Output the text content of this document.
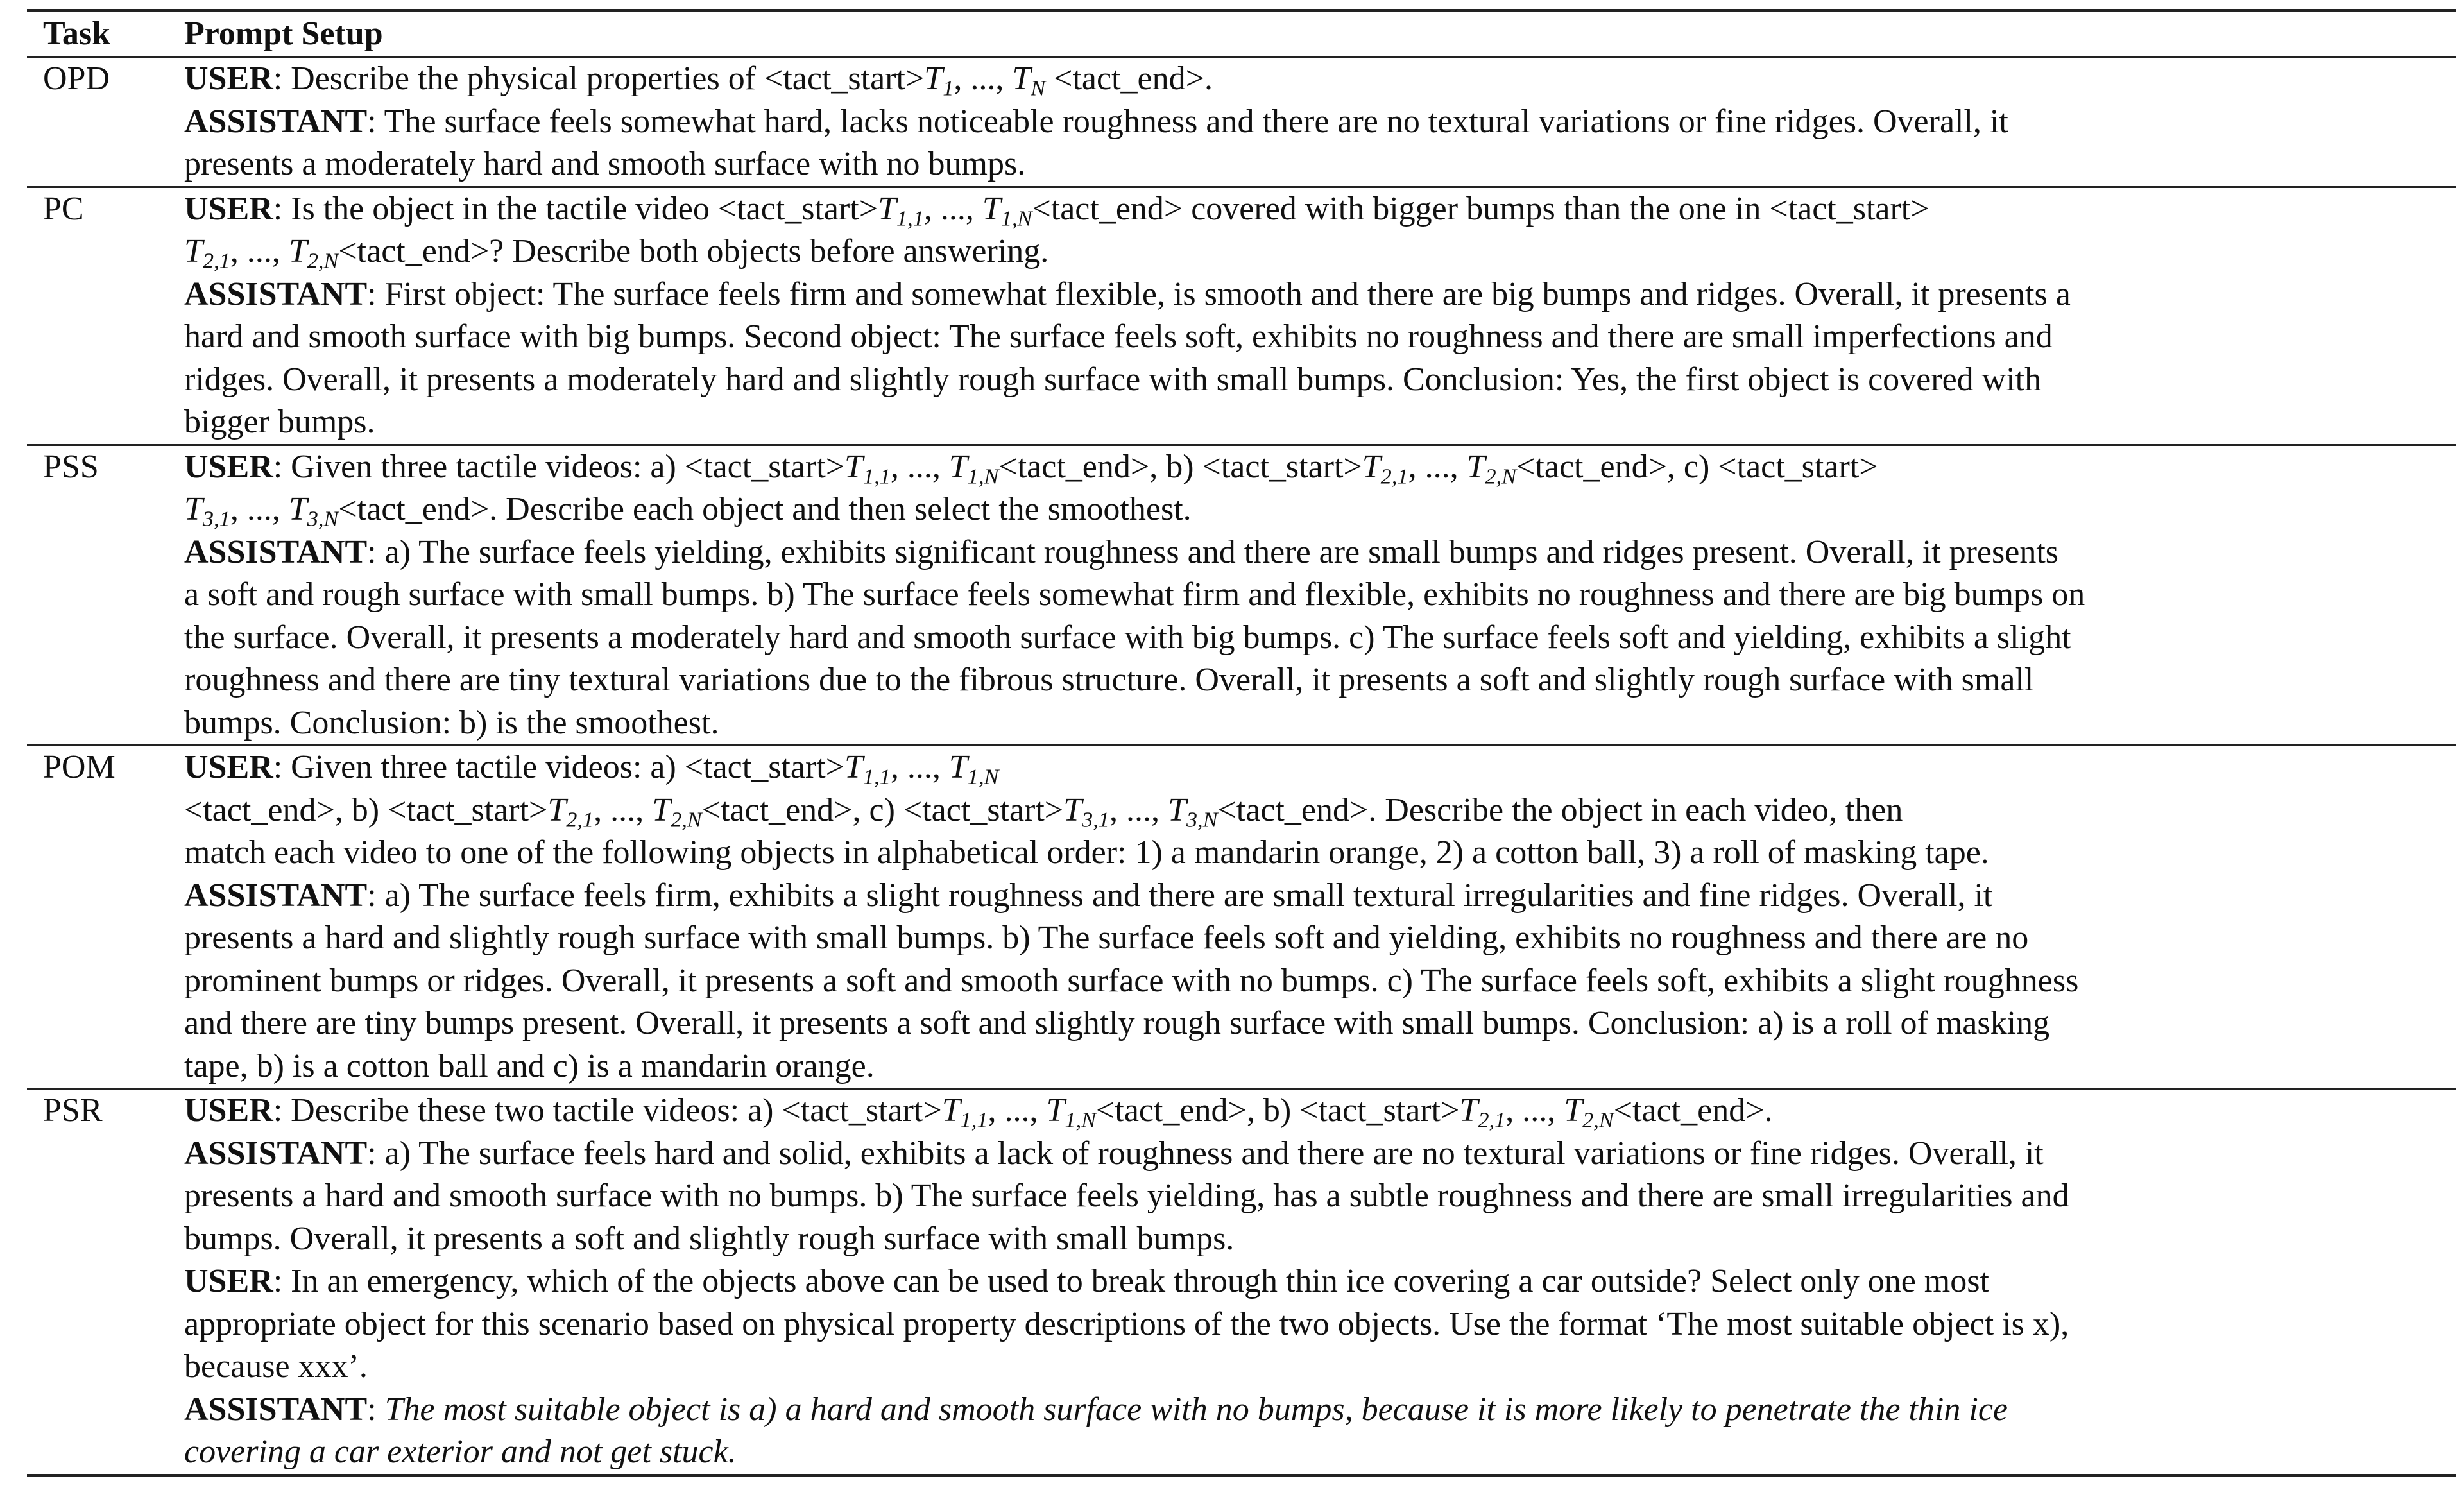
Task	Prompt Setup
OPD	USER: Describe the physical properties of $<tact\_start>T_1$, ..., $T_N$ <tact_end>.
ASSISTANT: The surface feels somewhat hard, lacks noticeable roughness and there are no textural variations or fine ridges. Overall, it
presents a moderately hard and smooth surface with no bumps.
PC	USER: Is the object in the tactile video $<tact\_start>T_{1,1}$, ..., $T_{1,N}<tact\_end>$ covered with bigger bumps than the one in <tact_start>
$T_{2,1}$, ..., $T_{2,N}<tact\_end>$? Describe both objects before answering.
ASSISTANT: First object: The surface feels firm and somewhat flexible, is smooth and there are big bumps and ridges. Overall, it presents a
hard and smooth surface with big bumps. Second object: The surface feels soft, exhibits no roughness and there are small imperfections and
ridges. Overall, it presents a moderately hard and slightly rough surface with small bumps. Conclusion: Yes, the first object is covered with
bigger bumps.
PSS	USER: Given three tactile videos: $a) <tact\_start>T_{1,1}$, ..., $T_{1,N}<tact\_end>$, $b) <tact\_start>T_{2,1}$, ..., $T_{2,N}<tact\_end>$, c) <tact_start>
$T_{3,1}$, ..., $T_{3,N}<tact\_end>$. Describe each object and then select the smoothest.
ASSISTANT: a) The surface feels yielding, exhibits significant roughness and there are small bumps and ridges present. Overall, it presents
a soft and rough surface with small bumps. b) The surface feels somewhat firm and flexible, exhibits no roughness and there are big bumps on
the surface. Overall, it presents a moderately hard and smooth surface with big bumps. c) The surface feels soft and yielding, exhibits a slight
roughness and there are tiny textural variations due to the fibrous structure. Overall, it presents a soft and slightly rough surface with small
bumps. Conclusion: b) is the smoothest.
POM	USER: Given three tactile videos: $a) <tact\_start>T_{1,1}$, ..., $T_{1,N}$
<tact_end>, $b) <tact\_start>T_{2,1}$, ..., $T_{2,N}<tact\_end>$, $c) <tact\_start>T_{3,1}$, ..., $T_{3,N}<tact\_end>$. Describe the object in each video, then
match each video to one of the following objects in alphabetical order: 1) a mandarin orange, 2) a cotton ball, 3) a roll of masking tape.
ASSISTANT: a) The surface feels firm, exhibits a slight roughness and there are small textural irregularities and fine ridges. Overall, it
presents a hard and slightly rough surface with small bumps. b) The surface feels soft and yielding, exhibits no roughness and there are no
prominent bumps or ridges. Overall, it presents a soft and smooth surface with no bumps. c) The surface feels soft, exhibits a slight roughness
and there are tiny bumps present. Overall, it presents a soft and slightly rough surface with small bumps. Conclusion: a) is a roll of masking
tape, b) is a cotton ball and c) is a mandarin orange.
PSR	USER: Describe these two tactile videos: $a) <tact\_start>T_{1,1}$, ..., $T_{1,N}<tact\_end>$, $b) <tact\_start>T_{2,1}$, ..., $T_{2,N}<tact\_end>$.
ASSISTANT: a) The surface feels hard and solid, exhibits a lack of roughness and there are no textural variations or fine ridges. Overall, it
presents a hard and smooth surface with no bumps. b) The surface feels yielding, has a subtle roughness and there are small irregularities and
bumps. Overall, it presents a soft and slightly rough surface with small bumps.
USER: In an emergency, which of the objects above can be used to break through thin ice covering a car outside? Select only one most
appropriate object for this scenario based on physical property descriptions of the two objects. Use the format ‘The most suitable object is x),
because xxx’.
ASSISTANT: The most suitable object is a) a hard and smooth surface with no bumps, because it is more likely to penetrate the thin ice
covering a car exterior and not get stuck.
